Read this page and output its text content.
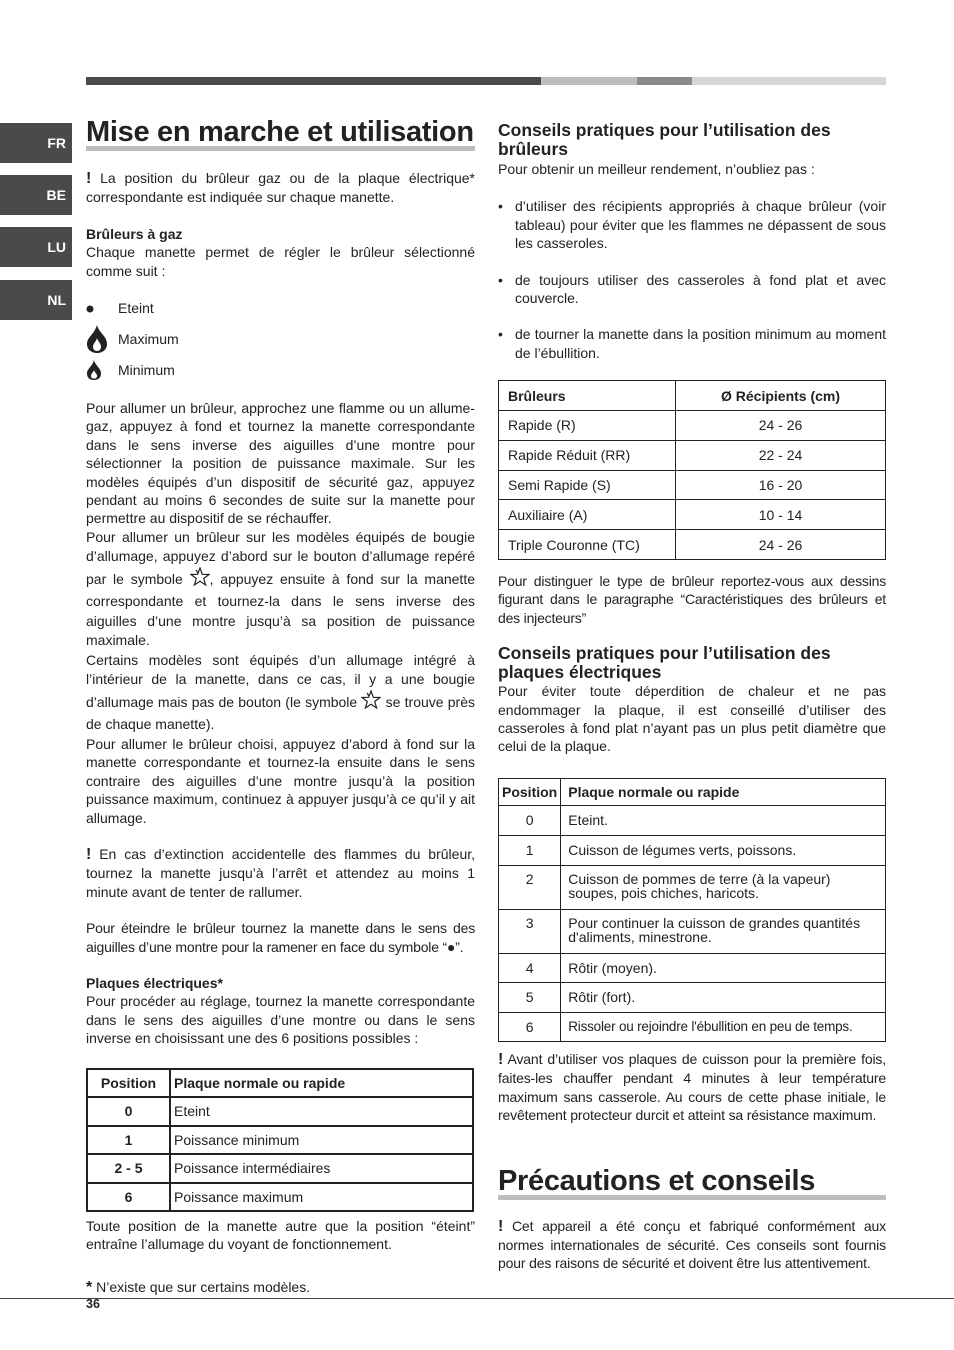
FR
BE
LU
NL
Mise en marche et utilisation

! La position du brûleur gaz ou de la plaque électrique* correspondante est indiquée sur chaque manette.

Brûleurs à gaz

Chaque manette permet de régler le brûleur sélectionné comme suit :

Eteint
Maximum
Minimum

Pour allumer un brûleur, approchez une flamme ou un allume-gaz, appuyez à fond et tournez la manette correspondante dans le sens inverse des aiguilles d’une montre pour sélectionner la position de puissance maximale. Sur les modèles équipés d’un dispositif de sécurité gaz, appuyez pendant au moins 6 secondes de suite sur la manette pour permettre au dispositif de se réchauffer.

Pour allumer un brûleur sur les modèles équipés de bougie d’allumage, appuyez d’abord sur le bouton d’allumage repéré par le symbole , appuyez ensuite à fond sur la manette correspondante et tournez-la dans le sens inverse des aiguilles d’une montre jusqu’à sa position de puissance maximale.

Certains modèles sont équipés d’un allumage intégré à l’intérieur de la manette, dans ce cas, il y a une bougie d’allumage mais pas de bouton (le symbole se trouve près de chaque manette).

Pour allumer le brûleur choisi, appuyez d’abord à fond sur la manette correspondante et tournez-la ensuite dans le sens contraire des aiguilles d’une montre jusqu’à la position puissance maximum, continuez à appuyer jusqu’à ce qu’il y ait allumage.

! En cas d’extinction accidentelle des flammes du brûleur, tournez la manette jusqu’à l’arrêt et attendez au moins 1 minute avant de tenter de rallumer.

Pour éteindre le brûleur tournez la manette dans le sens des aiguilles d’une montre pour la ramener en face du symbole “●”.

Plaques électriques*

Pour procéder au réglage, tournez la manette correspondante dans le sens des aiguilles d’une montre ou dans le sens inverse en choisissant une des 6 positions possibles :

Position	Plaque normale ou rapide
0	Eteint
1	Poissance minimum
2 - 5	Poissance intermédiaires
6	Poissance maximum

Toute position de la manette autre que la position “éteint” entraîne l’allumage du voyant de fonctionnement.

* N’existe que sur certains modèles.

Conseils pratiques pour l’utilisation des brûleurs

Pour obtenir un meilleur rendement, n’oubliez pas :

• d’utiliser des récipients appropriés à chaque brûleur (voir tableau) pour éviter que les flammes ne dépassent de sous les casseroles.
• de toujours utiliser des casseroles à fond plat et avec couvercle.
• de tourner la manette dans la position minimum au moment de l’ébullition.
Brûleurs	Ø Récipients (cm)
Rapide (R)	24 - 26
Rapide Réduit (RR)	22 - 24
Semi Rapide (S)	16 - 20
Auxiliaire (A)	10 - 14
Triple Couronne (TC)	24 - 26

Pour distinguer le type de brûleur reportez-vous aux dessins figurant dans le paragraphe “Caractéristiques des brûleurs et des injecteurs”

Conseils pratiques pour l’utilisation des plaques électriques

Pour éviter toute déperdition de chaleur et ne pas endommager la plaque, il est conseillé d’utiliser des casseroles à fond plat n’ayant pas un plus petit diamètre que celui de la plaque.

Position	Plaque normale ou rapide
0	Eteint.
1	Cuisson de légumes verts, poissons.
2	Cuisson de pommes de terre (à la vapeur) soupes, pois chiches, haricots.
3	Pour continuer la cuisson de grandes quantités d'aliments, minestrone.
4	Rôtir (moyen).
5	Rôtir (fort).
6	Rissoler ou rejoindre l'ébullition en peu de temps.

! Avant d’utiliser vos plaques de cuisson pour la première fois, faites-les chauffer pendant 4 minutes à leur température maximum sans casserole. Au cours de cette phase initiale, le revêtement protecteur durcit et atteint sa résistance maximum.

Précautions et conseils

! Cet appareil a été conçu et fabriqué conformément aux normes internationales de sécurité. Ces conseils sont fournis pour des raisons de sécurité et doivent être lus attentivement.

36
